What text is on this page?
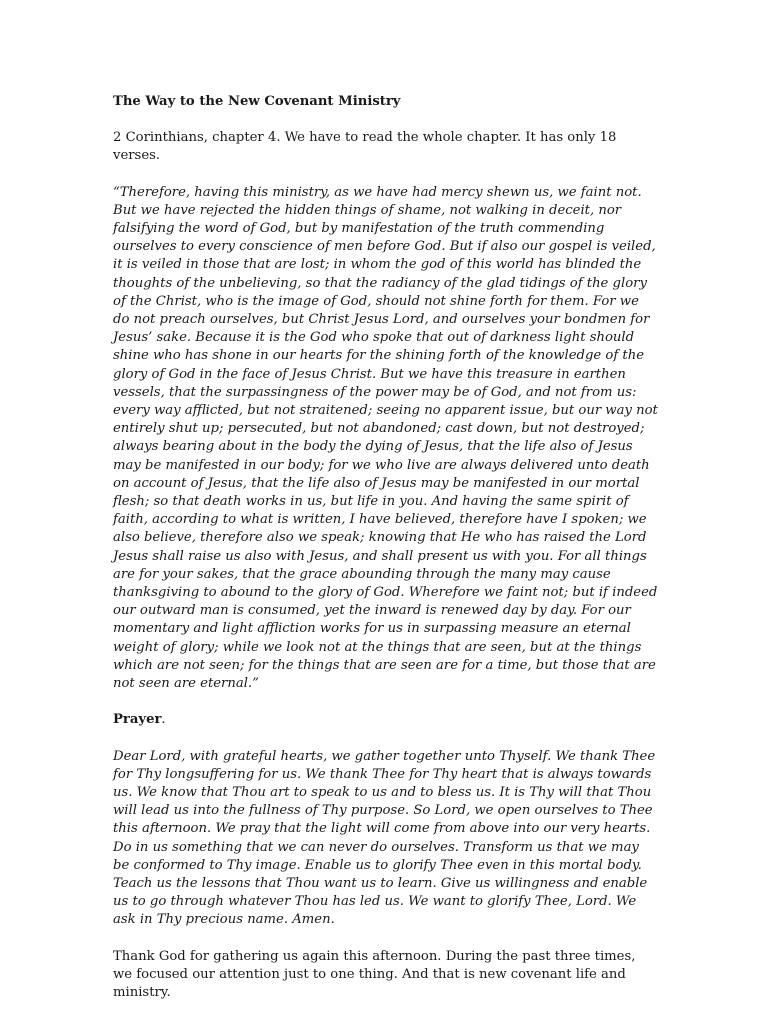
The Way to the New Covenant Ministry

2 Corinthians, chapter 4. We have to read the whole chapter. It has only 18 verses.

“Therefore, having this ministry, as we have had mercy shewn us, we faint not. But we have rejected the hidden things of shame, not walking in deceit, nor falsifying the word of God, but by manifestation of the truth commending ourselves to every conscience of men before God. But if also our gospel is veiled, it is veiled in those that are lost; in whom the god of this world has blinded the thoughts of the unbelieving, so that the radiancy of the glad tidings of the glory of the Christ, who is the image of God, should not shine forth for them. For we do not preach ourselves, but Christ Jesus Lord, and ourselves your bondmen for Jesus’ sake. Because it is the God who spoke that out of darkness light should shine who has shone in our hearts for the shining forth of the knowledge of the glory of God in the face of Jesus Christ. But we have this treasure in earthen vessels, that the surpassingness of the power may be of God, and not from us: every way afflicted, but not straitened; seeing no apparent issue, but our way not entirely shut up; persecuted, but not abandoned; cast down, but not destroyed; always bearing about in the body the dying of Jesus, that the life also of Jesus may be manifested in our body; for we who live are always delivered unto death on account of Jesus, that the life also of Jesus may be manifested in our mortal flesh; so that death works in us, but life in you. And having the same spirit of faith, according to what is written, I have believed, therefore have I spoken; we also believe, therefore also we speak; knowing that He who has raised the Lord Jesus shall raise us also with Jesus, and shall present us with you. For all things are for your sakes, that the grace abounding through the many may cause thanksgiving to abound to the glory of God. Wherefore we faint not; but if indeed our outward man is consumed, yet the inward is renewed day by day. For our momentary and light affliction works for us in surpassing measure an eternal weight of glory; while we look not at the things that are seen, but at the things which are not seen; for the things that are seen are for a time, but those that are not seen are eternal.”

Prayer.

Dear Lord, with grateful hearts, we gather together unto Thyself. We thank Thee for Thy longsuffering for us. We thank Thee for Thy heart that is always towards us. We know that Thou art to speak to us and to bless us. It is Thy will that Thou will lead us into the fullness of Thy purpose. So Lord, we open ourselves to Thee this afternoon. We pray that the light will come from above into our very hearts. Do in us something that we can never do ourselves. Transform us that we may be conformed to Thy image. Enable us to glorify Thee even in this mortal body. Teach us the lessons that Thou want us to learn. Give us willingness and enable us to go through whatever Thou has led us. We want to glorify Thee, Lord. We ask in Thy precious name. Amen.

Thank God for gathering us again this afternoon. During the past three times, we focused our attention just to one thing. And that is new covenant life and ministry.
